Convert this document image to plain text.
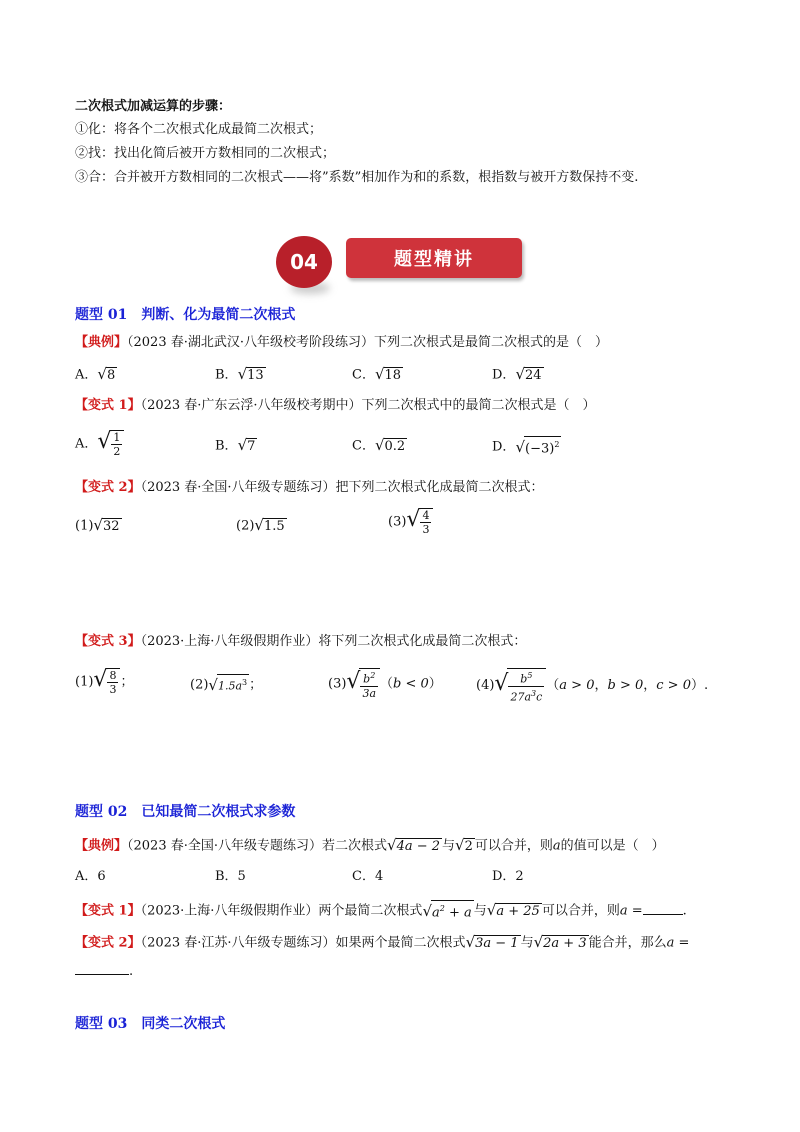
二次根式加减运算的步骤：
①化：将各个二次根式化成最简二次根式；
②找：找出化简后被开方数相同的二次根式；
③合：合并被开方数相同的二次根式——将”系数”相加作为和的系数，根指数与被开方数保持不变.
04	题型精讲
题型 01　判断、化为最简二次根式
【典例】（2023 春·湖北武汉·八年级校考阶段练习）下列二次根式是最简二次根式的是（　）
A．√8	B．√13	C．√18	D．√24
【变式 1】（2023 春·广东云浮·八年级校考期中）下列二次根式中的最简二次根式是（　）
A．√ $\frac{1}{2}$	B．√7	C．√0.2	D．$√(-3)^2$
【变式 2】（2023 春·全国·八年级专题练习）把下列二次根式化成最简二次根式：
(1)√32	(2)√1.5	$(3)√ \frac{4}{3}$
【变式 3】（2023·上海·八年级假期作业）将下列二次根式化成最简二次根式：
$(1)√ \frac{8}{3}$ ；	$(2)√1.5a^3$ ；	$(3)√ \frac{b^2}{3a} (b < 0)$	$(4)√ \frac{b^5}{27a^3c} (a > 0$，b > 0，c > 0）.
题型 02　已知最简二次根式求参数
【典例】（2023 春·全国·八年级专题练习）若二次根式√4a − 2 与√2 可以合并，则a的值可以是（　）
A．6	B．5	C．4	D．2
【变式 1】（2023·上海·八年级假期作业）两个最简二次根式$√a^2 + a$ 与√a + 25 可以合并，则a =	.
【变式 2】（2023 春·江苏·八年级专题练习）如果两个最简二次根式√3a − 1 与√2a + 3 能合并，那么a =
.
题型 03　同类二次根式
